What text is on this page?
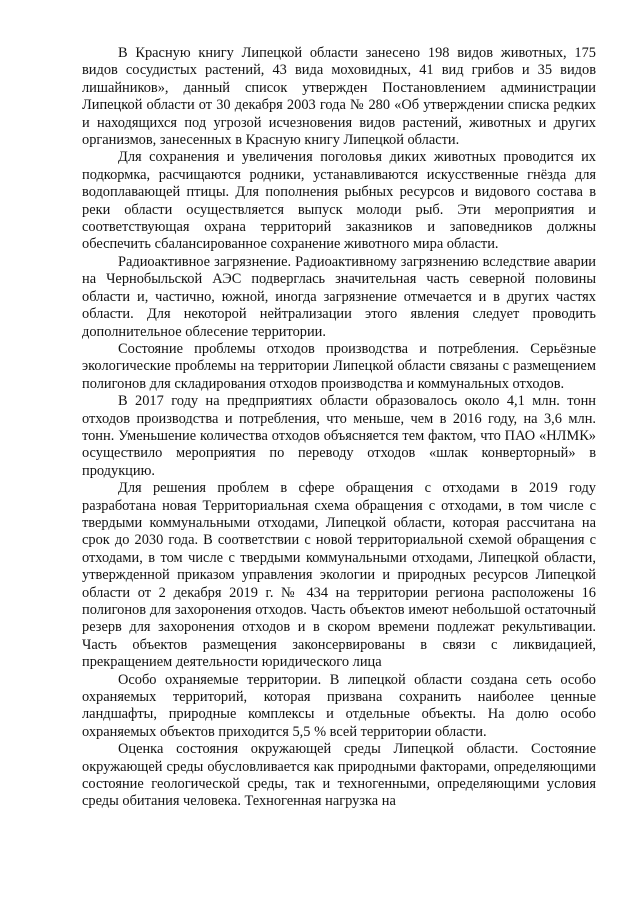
В Красную книгу Липецкой области занесено 198 видов животных, 175 видов сосудистых растений, 43 вида моховидных, 41 вид грибов и 35 видов лишайников», данный список утвержден Постановлением администрации Липецкой области от 30 декабря 2003 года № 280 «Об утверждении списка редких и находящихся под угрозой исчезновения видов растений, животных и других организмов, занесенных в Красную книгу Липецкой области.

Для сохранения и увеличения поголовья диких животных проводится их подкормка, расчищаются родники, устанавливаются искусственные гнёзда для водоплавающей птицы. Для пополнения рыбных ресурсов и видового состава в реки области осуществляется выпуск молоди рыб. Эти мероприятия и соответствующая охрана территорий заказников и заповедников должны обеспечить сбалансированное сохранение животного мира области.

Радиоактивное загрязнение. Радиоактивному загрязнению вследствие аварии на Чернобыльской АЭС подверглась значительная часть северной половины области и, частично, южной, иногда загрязнение отмечается и в других частях области. Для некоторой нейтрализации этого явления следует проводить дополнительное облесение территории.

Состояние проблемы отходов производства и потребления. Серьёзные экологические проблемы на территории Липецкой области связаны с размещением полигонов для складирования отходов производства и коммунальных отходов.

В 2017 году на предприятиях области образовалось около 4,1 млн. тонн отходов производства и потребления, что меньше, чем в 2016 году, на 3,6 млн. тонн. Уменьшение количества отходов объясняется тем фактом, что ПАО «НЛМК» осуществило мероприятия по переводу отходов «шлак конверторный» в продукцию.

Для решения проблем в сфере обращения с отходами в 2019 году разработана новая Территориальная схема обращения с отходами, в том числе с твердыми коммунальными отходами, Липецкой области, которая рассчитана на срок до 2030 года. В соответствии с новой территориальной схемой обращения с отходами, в том числе с твердыми коммунальными отходами, Липецкой области, утвержденной приказом управления экологии и природных ресурсов Липецкой области от 2 декабря 2019 г. № 434 на территории региона расположены 16 полигонов для захоронения отходов. Часть объектов имеют небольшой остаточный резерв для захоронения отходов и в скором времени подлежат рекультивации. Часть объектов размещения законсервированы в связи с ликвидацией, прекращением деятельности юридического лица

Особо охраняемые территории. В липецкой области создана сеть особо охраняемых территорий, которая призвана сохранить наиболее ценные ландшафты, природные комплексы и отдельные объекты. На долю особо охраняемых объектов приходится 5,5 % всей территории области.

Оценка состояния окружающей среды Липецкой области. Состояние окружающей среды обусловливается как природными факторами, определяющими состояние геологической среды, так и техногенными, определяющими условия среды обитания человека. Техногенная нагрузка на
